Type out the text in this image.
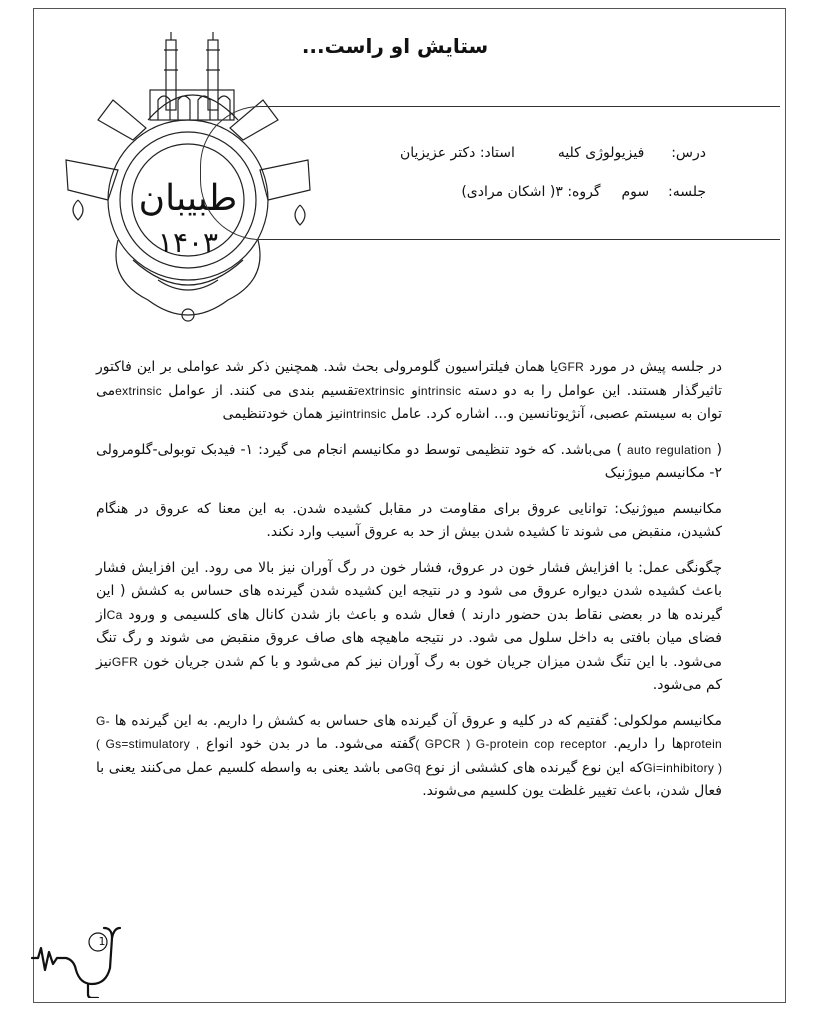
ستایش او راست...
طبیبان
۱۴۰۳
درس:  فیزیولوژی کلیه  استاد: دکتر عزیزیان
جلسه:  سوم  گروه: ۳( اشکان مرادی)

در جلسه پیش در مورد GFRیا همان فیلتراسیون گلومرولی بحث شد. همچنین ذکر شد عواملی بر این فاکتور تاثیرگذار هستند. این عوامل را به دو دسته intrinsicو extrinsicتقسیم بندی می کنند. از عوامل extrinsicمی توان به سیستم عصبی، آنژیوتانسین و... اشاره کرد. عامل intrinsicنیز همان خودتنظیمی

( auto regulation ) می‌باشد. که خود تنظیمی توسط دو مکانیسم انجام می گیرد: ۱- فیدبک توبولی-گلومرولی ۲- مکانیسم میوژنیک

مکانیسم میوژنیک: توانایی عروق برای مقاومت در مقابل کشیده شدن. به این معنا که عروق در هنگام کشیدن، منقبض می شوند تا کشیده شدن بیش از حد به عروق آسیب وارد نکند.

چگونگی عمل: با افزایش فشار خون در عروق، فشار خون در رگ آوران نیز بالا می رود. این افزایش فشار باعث کشیده شدن دیواره عروق می شود و در نتیجه این کشیده شدن گیرنده های حساس به کشش ( این گیرنده ها در بعضی نقاط بدن حضور دارند ) فعال شده و باعث باز شدن کانال های کلسیمی و ورود Caاز فضای میان بافتی به داخل سلول می شود. در نتیجه ماهیچه های صاف عروق منقبض می شوند و رگ تنگ می‌شود. با این تنگ شدن میزان جریان خون به رگ آوران نیز کم می‌شود و با کم شدن جریان خون GFRنیز کم می‌شود.

مکانیسم مولکولی: گفتیم که در کلیه و عروق آن گیرنده های حساس به کشش را داریم. به این گیرنده ها G-proteinها را داریم. ( GPCR ) G-protein cop receptorگفته می‌شود. ما در بدن خود انواع ( Gs=stimulatory , Gi=inhibitory )که این نوع گیرنده های کششی از نوع Gqمی باشد یعنی به واسطه کلسیم عمل می‌کنند یعنی با فعال شدن، باعث تغییر غلظت یون کلسیم می‌شوند.

1
